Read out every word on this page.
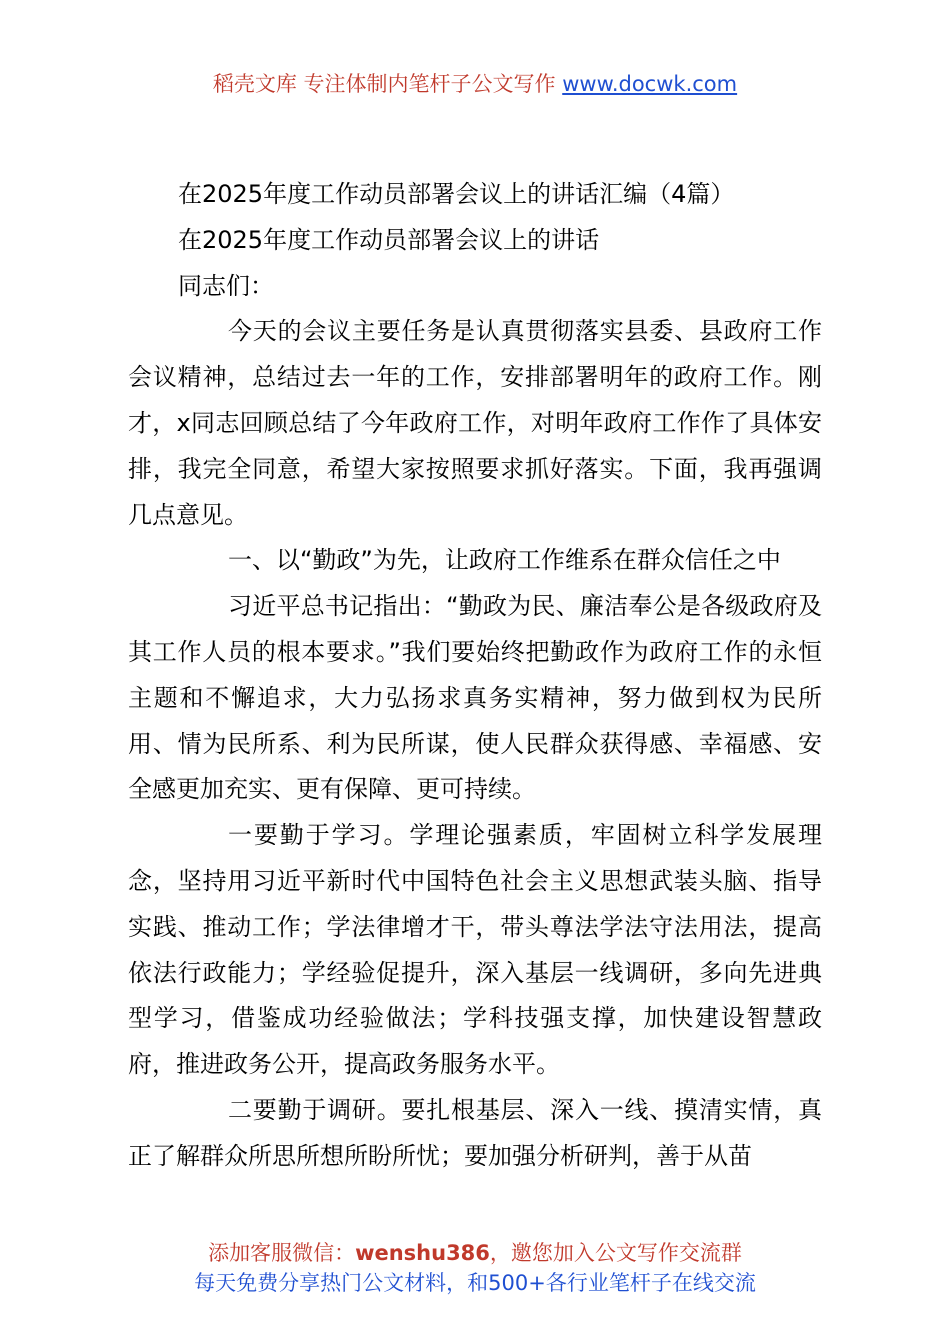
稻壳文库 专注体制内笔杆子公文写作 www.docwk.com

在2025年度工作动员部署会议上的讲话汇编（4篇）

在2025年度工作动员部署会议上的讲话

同志们：

今天的会议主要任务是认真贯彻落实县委、县政府工作会议精神，总结过去一年的工作，安排部署明年的政府工作。刚才，x同志回顾总结了今年政府工作，对明年政府工作作了具体安排，我完全同意，希望大家按照要求抓好落实。下面，我再强调几点意见。

一、以“勤政”为先，让政府工作维系在群众信任之中

习近平总书记指出：“勤政为民、廉洁奉公是各级政府及其工作人员的根本要求。”我们要始终把勤政作为政府工作的永恒主题和不懈追求，大力弘扬求真务实精神，努力做到权为民所用、情为民所系、利为民所谋，使人民群众获得感、幸福感、安全感更加充实、更有保障、更可持续。

一要勤于学习。学理论强素质，牢固树立科学发展理念，坚持用习近平新时代中国特色社会主义思想武装头脑、指导实践、推动工作；学法律增才干，带头尊法学法守法用法，提高依法行政能力；学经验促提升，深入基层一线调研，多向先进典型学习，借鉴成功经验做法；学科技强支撑，加快建设智慧政府，推进政务公开，提高政务服务水平。

二要勤于调研。要扎根基层、深入一线、摸清实情，真正了解群众所思所想所盼所忧；要加强分析研判，善于从苗

添加客服微信：wenshu386，邀您加入公文写作交流群
每天免费分享热门公文材料，和500+各行业笔杆子在线交流
